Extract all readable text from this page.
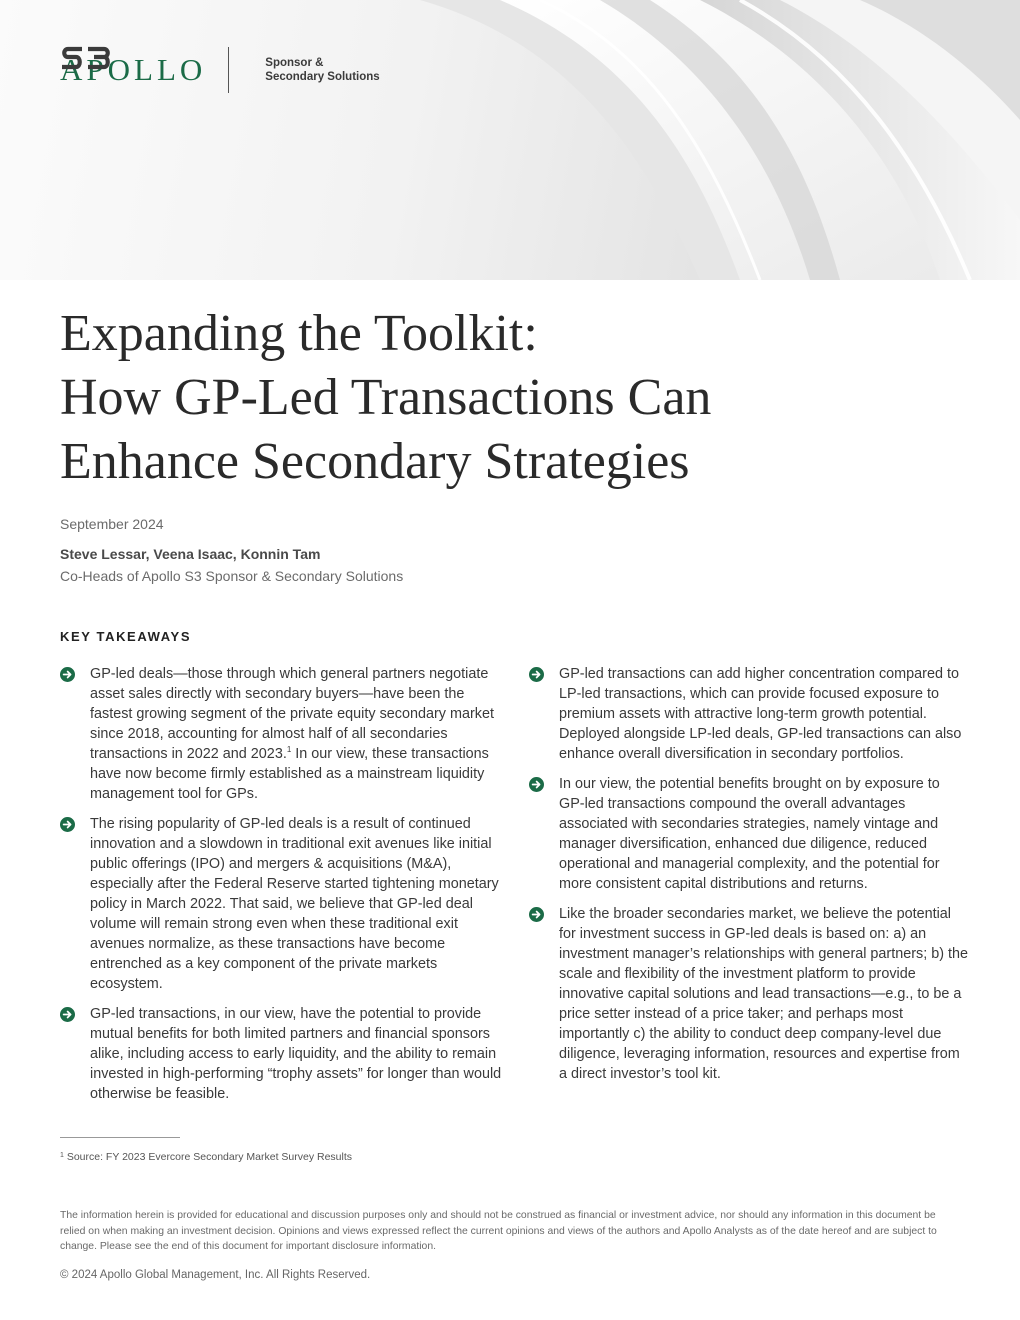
APOLLO	Sponsor &
Secondary Solutions
Expanding the Toolkit:
How GP-Led Transactions Can
Enhance Secondary Strategies
September 2024
Steve Lessar, Veena Isaac, Konnin Tam
Co-Heads of Apollo S3 Sponsor & Secondary Solutions
KEY TAKEAWAYS

GP-led deals—those through which general partners negotiate asset sales directly with secondary buyers—have been the fastest growing segment of the private equity secondary market since 2018, accounting for almost half of all secondaries transactions in 2022 and 2023.$^1$ In our view, these transactions have now become firmly established as a mainstream liquidity management tool for GPs.

The rising popularity of GP-led deals is a result of continued innovation and a slowdown in traditional exit avenues like initial public offerings (IPO) and mergers & acquisitions (M&A), especially after the Federal Reserve started tightening monetary policy in March 2022. That said, we believe that GP-led deal volume will remain strong even when these traditional exit avenues normalize, as these transactions have become entrenched as a key component of the private markets ecosystem.

GP-led transactions, in our view, have the potential to provide mutual benefits for both limited partners and financial sponsors alike, including access to early liquidity, and the ability to remain invested in high-performing “trophy assets” for longer than would otherwise be feasible.

GP-led transactions can add higher concentration compared to LP-led transactions, which can provide focused exposure to premium assets with attractive long-term growth potential. Deployed alongside LP-led deals, GP-led transactions can also enhance overall diversification in secondary portfolios.

In our view, the potential benefits brought on by exposure to GP-led transactions compound the overall advantages associated with secondaries strategies, namely vintage and manager diversification, enhanced due diligence, reduced operational and managerial complexity, and the potential for more consistent capital distributions and returns.

Like the broader secondaries market, we believe the potential for investment success in GP-led deals is based on: a) an investment manager’s relationships with general partners; b) the scale and flexibility of the investment platform to provide innovative capital solutions and lead transactions—e.g., to be a price setter instead of a price taker; and perhaps most importantly c) the ability to conduct deep company-level due diligence, leveraging information, resources and expertise from a direct investor’s tool kit.

$^1$ Source: FY 2023 Evercore Secondary Market Survey Results
The information herein is provided for educational and discussion purposes only and should not be construed as financial or investment advice, nor should any information in this document be relied on when making an investment decision. Opinions and views expressed reflect the current opinions and views of the authors and Apollo Analysts as of the date hereof and are subject to change. Please see the end of this document for important disclosure information.
© 2024 Apollo Global Management, Inc. All Rights Reserved.
